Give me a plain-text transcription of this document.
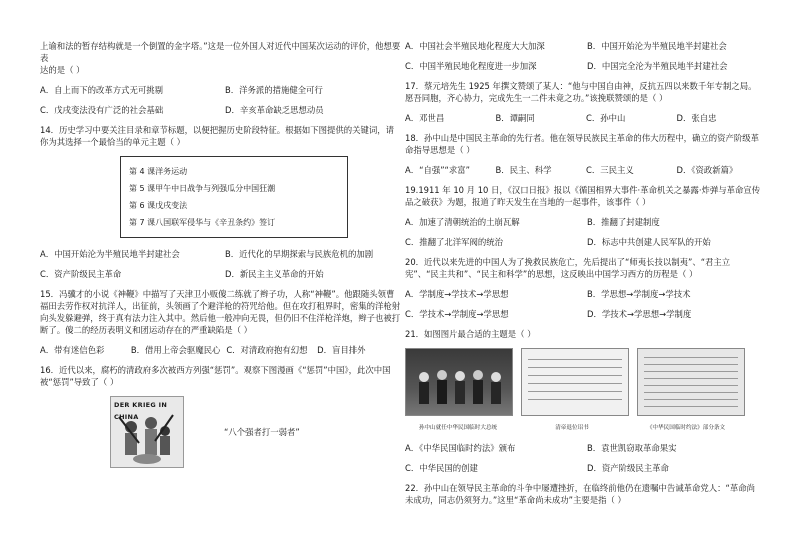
上谕和法的暂存结构就是一个倒置的金字塔。”这是一位外国人对近代中国某次运动的评价，他想要表
达的是（ ）

A．自上而下的改革方式无可挑剔	B．洋务派的措施健全可行
C．戊戌变法没有广泛的社会基础	D．辛亥革命缺乏思想动员

14．历史学习中要关注目录和章节标题，以便把握历史阶段特征。根据如下图提供的关键词，请你为其选择一个最恰当的单元主题（ ）

第 4 课洋务运动
第 5 课甲午中日战争与列强瓜分中国狂潮
第 6 课戊戌变法
第 7 课八国联军侵华与《辛丑条约》签订
A．中国开始沦为半殖民地半封建社会	B．近代化的早期探索与民族危机的加剧
C．资产阶级民主革命	D．新民主主义革命的开始

15．冯骥才的小说《神鞭》中描写了天津卫小贩傻二练就了辫子功，人称“神鞭”。他跟随头领曹福田去劳作权对抗洋人，出征前，头领画了个避洋枪的符咒给他。但在攻打租界时，密集的洋枪射向头发躲避弹，终于真有法力注入其中。然后他一般冲向无畏，但仍旧不住洋枪洋炮，辫子也被打断了。傻二的经历表明义和团运动存在的严重缺陷是（ ）

A．带有迷信色彩	B．借用上帝会驱魔民心 C．对清政府抱有幻想	D．盲目排外

16．近代以来，腐朽的清政府多次被西方列强“惩罚”。观察下图漫画《“惩罚”中国》，此次中国被“惩罚”导致了（ ）

DER KRIEG IN CHINA
“八个强者打一弱者”
A．中国社会半殖民地化程度大大加深	B．中国开始沦为半殖民地半封建社会
C．中国半殖民地化程度进一步加深	D．中国完全沦为半殖民地半封建社会

17．蔡元培先生 1925 年撰文赞颂了某人：“他与中国自由神，反抗五四以来数千年专制之局。愿吾同胞，齐心协力，完成先生一二件未竟之功。”该挽联赞颂的是（ ）

A．邓世昌	B．谭嗣同	C．孙中山	D．张自忠

18．孙中山是中国民主革命的先行者。他在领导民族民主革命的伟大历程中，确立的资产阶级革命指导思想是（ ）

A．“自强”“求富”	B．民主、科学	C．三民主义	D．《资政新篇》

19.1911 年 10 月 10 日，《汉口日报》报以《循国相界大事件·革命机关之暴露·炸弹与革命宣传品之破获》为题，报道了昨天发生在当地的一起事件，该事件（ ）

A．加速了清朝统治的土崩瓦解	B．推翻了封建制度
C．推翻了北洋军阀的统治	D．标志中共创建人民军队的开始

20．近代以来先进的中国人为了挽救民族危亡，先后提出了“师夷长技以制夷”、“君主立宪”、“民主共和”、“民主和科学”的思想，这反映出中国学习西方的历程是（ ）

A．学制度→学技术→学思想	B．学思想→学制度→学技术
C．学技术→学制度→学思想	D．学技术→学思想→学制度

21．如图图片最合适的主题是（ ）

孙中山就任中华民国临时大总统	清帝退位诏书	《中华民国临时约法》部分条文
A．《中华民国临时约法》颁布	B．袁世凯窃取革命果实
C．中华民国的创建	D．资产阶级民主革命

22．孙中山在领导民主革命的斗争中屡遭挫折，在临终前他仍在遗嘱中告诫革命党人：“革命尚未成功，同志仍须努力。”这里“革命尚未成功”主要是指（ ）
